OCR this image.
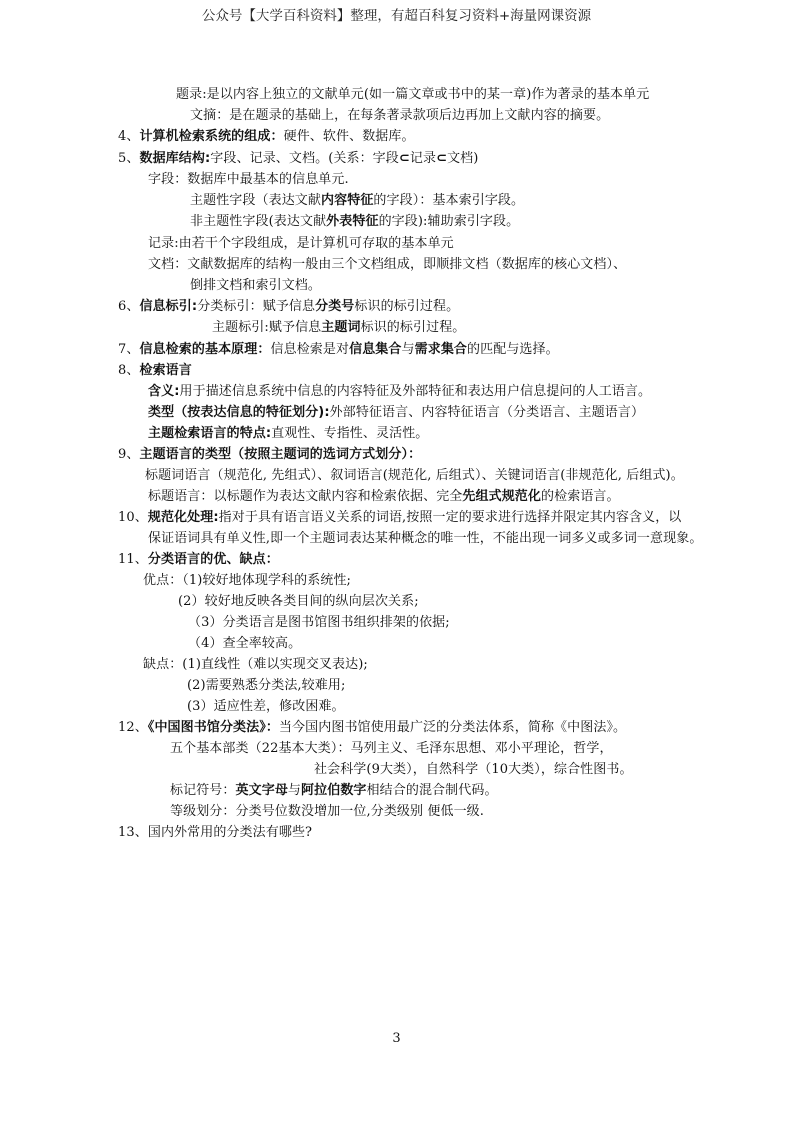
公众号【大学百科资料】整理，有超百科复习资料+海量网课资源
题录:是以内容上独立的文献单元(如一篇文章或书中的某一章)作为著录的基本单元
文摘：是在题录的基础上，在每条著录款项后边再加上文献内容的摘要。
4、计算机检索系统的组成：硬件、软件、数据库。
5、数据库结构:字段、记录、文档。(关系：字段⊂记录⊂文档)
字段：数据库中最基本的信息单元.
主题性字段（表达文献内容特征的字段）：基本索引字段。
非主题性字段(表达文献外表特征的字段):辅助索引字段。
记录:由若干个字段组成，是计算机可存取的基本单元
文档：文献数据库的结构一般由三个文档组成，即顺排文档（数据库的核心文档）、
倒排文档和索引文档。
6、信息标引:分类标引：赋予信息分类号标识的标引过程。
主题标引:赋予信息主题词标识的标引过程。
7、信息检索的基本原理：信息检索是对信息集合与需求集合的匹配与选择。
8、检索语言
含义:用于描述信息系统中信息的内容特征及外部特征和表达用户信息提问的人工语言。
类型（按表达信息的特征划分):外部特征语言、内容特征语言（分类语言、主题语言）
主题检索语言的特点:直观性、专指性、灵活性。
9、主题语言的类型（按照主题词的选词方式划分）：
标题词语言（规范化, 先组式）、叙词语言(规范化, 后组式）、关键词语言(非规范化, 后组式)。
标题语言：以标题作为表达文献内容和检索依据、完全先组式规范化的检索语言。
10、规范化处理:指对于具有语言语义关系的词语,按照一定的要求进行选择并限定其内容含义，以
保证语词具有单义性,即一个主题词表达某种概念的唯一性，不能出现一词多义或多词一意现象。
11、分类语言的优、缺点：
优点：（1)较好地体现学科的系统性;
(2）较好地反映各类目间的纵向层次关系;
（3）分类语言是图书馆图书组织排架的依据;
（4）查全率较高。
缺点：(1)直线性（难以实现交叉表达);
(2)需要熟悉分类法,较难用;
(3）适应性差，修改困难。
12、《中国图书馆分类法》：当今国内图书馆使用最广泛的分类法体系，简称《中图法》。
五个基本部类（22基本大类）：马列主义、毛泽东思想、邓小平理论，哲学，
社会科学(9大类），自然科学（10大类），综合性图书。
标记符号：英文字母与阿拉伯数字相结合的混合制代码。
等级划分：分类号位数没增加一位,分类级别 便低一级.
13、国内外常用的分类法有哪些?
3
